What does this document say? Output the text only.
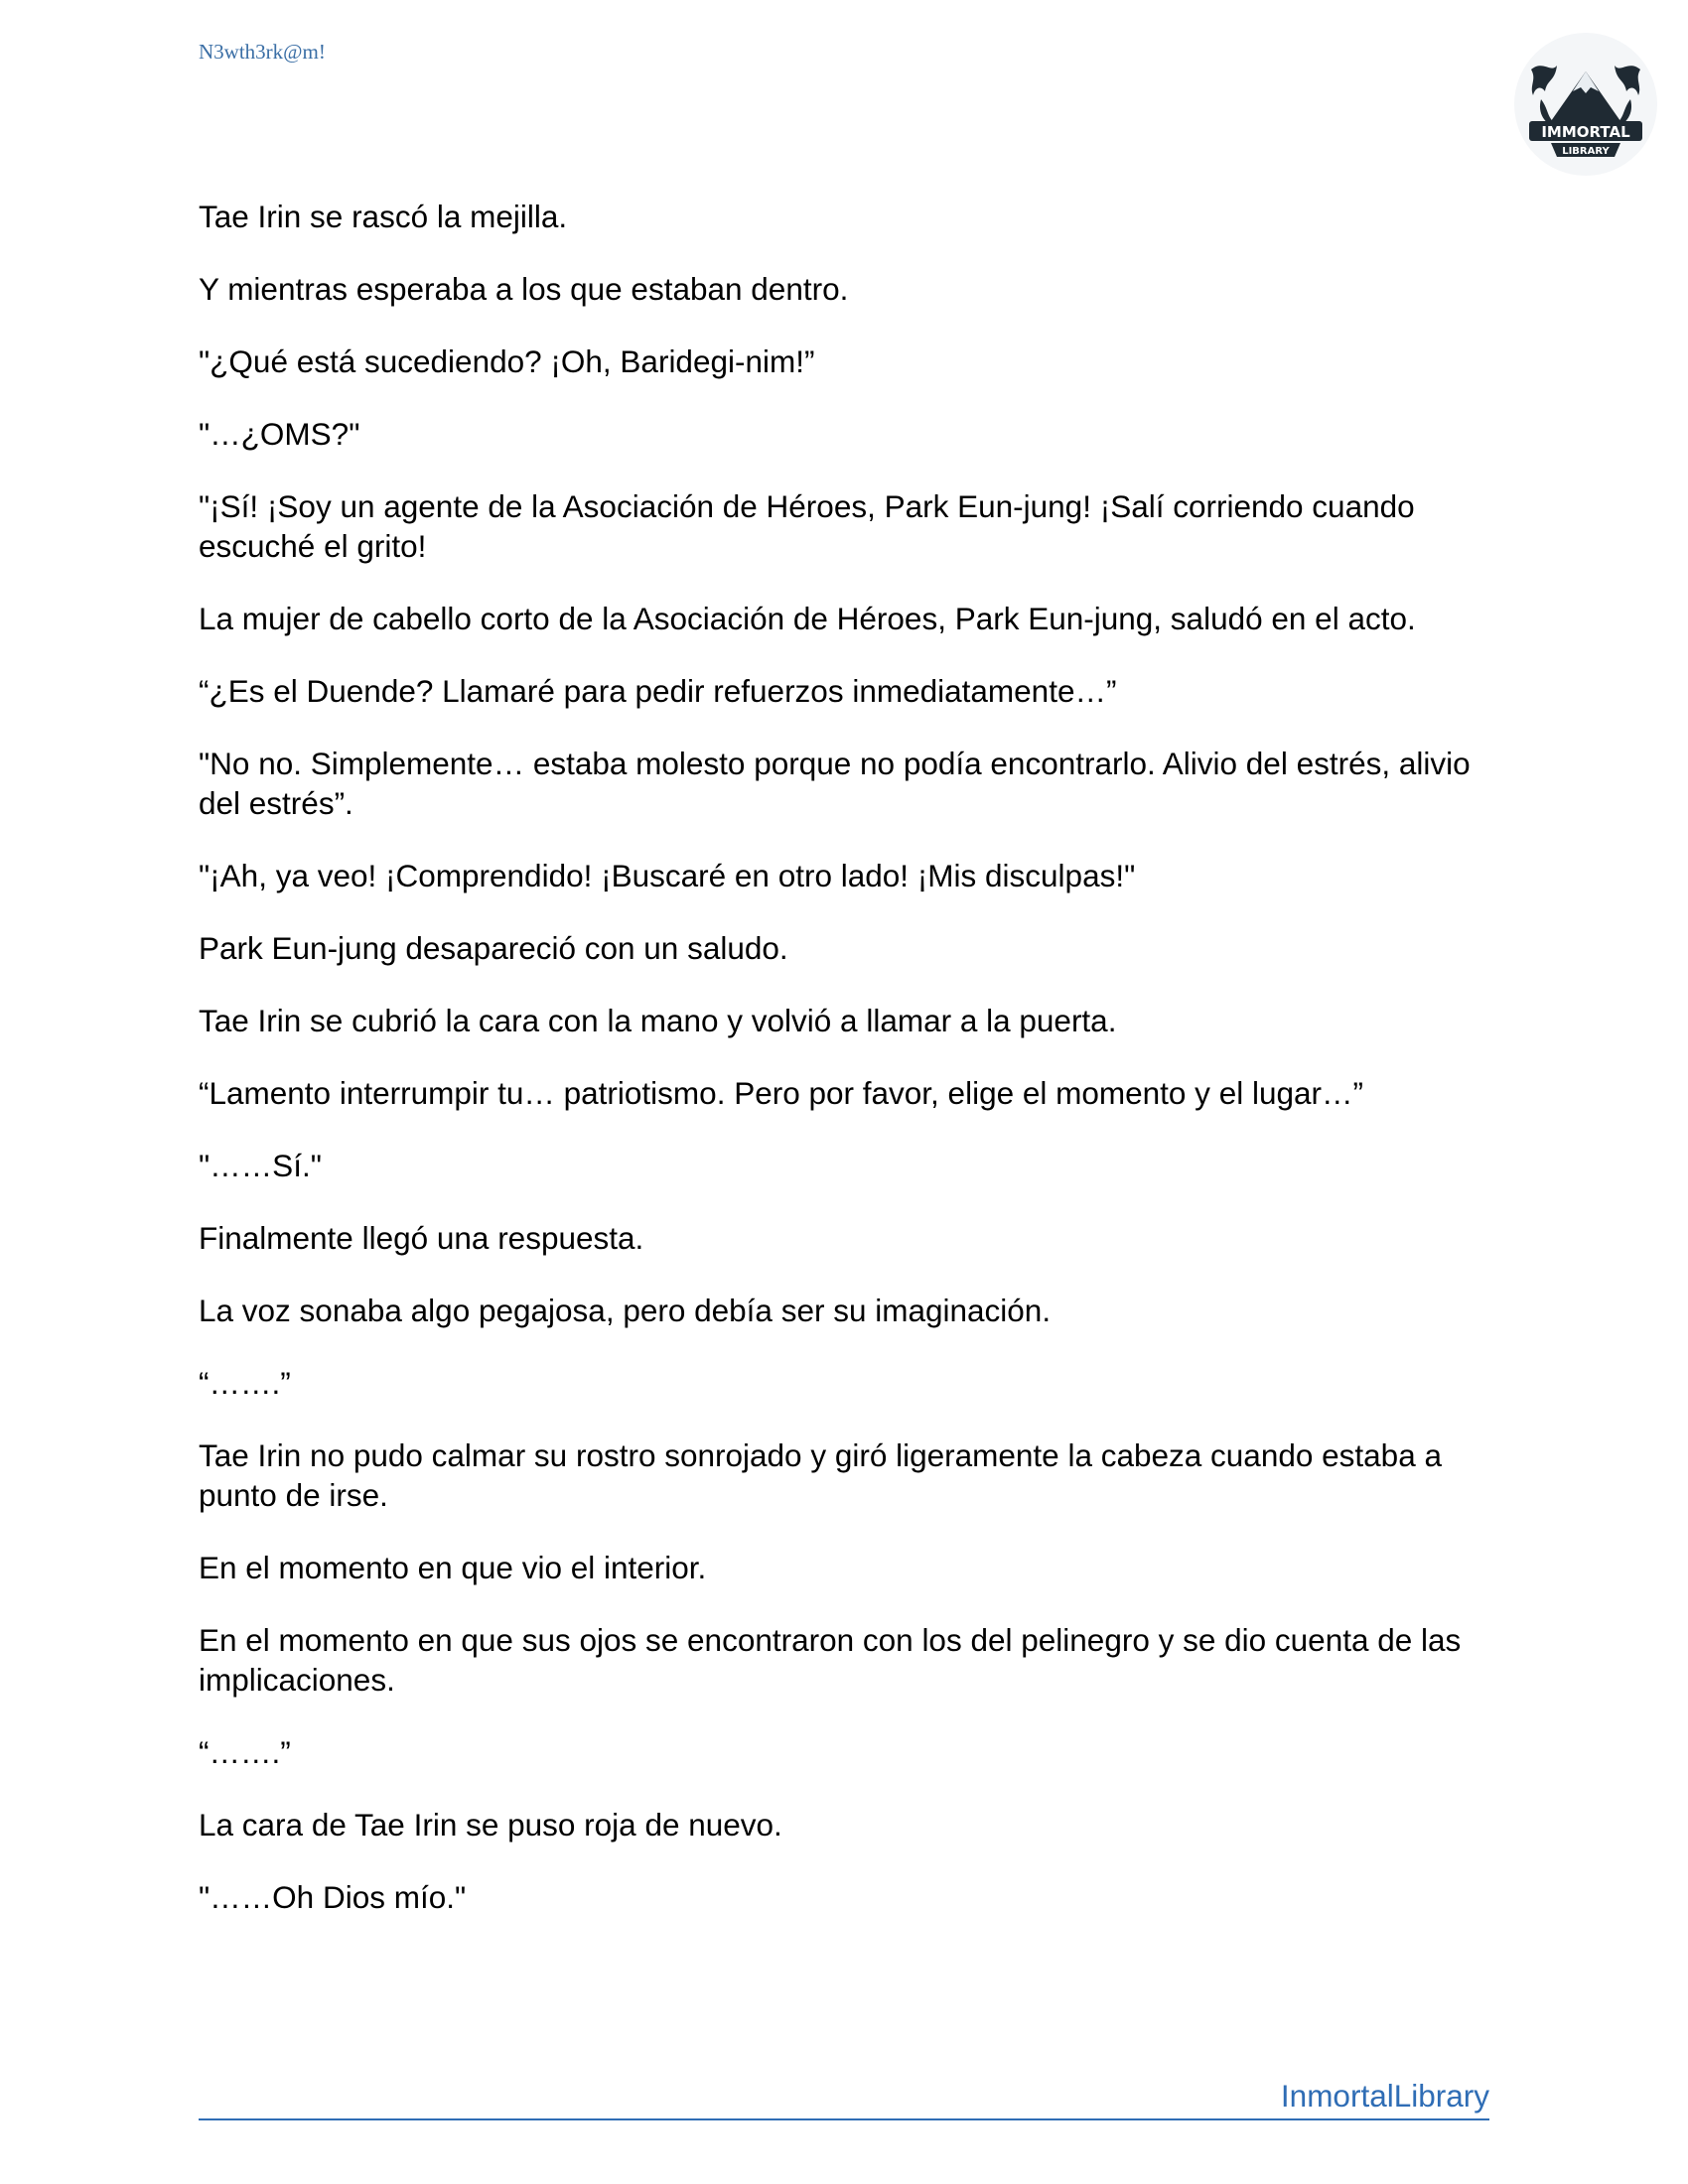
N3wth3rk@m!
IMMORTAL
LIBRARY

Tae Irin se rascó la mejilla.

Y mientras esperaba a los que estaban dentro.

"¿Qué está sucediendo? ¡Oh, Baridegi-nim!”

"…¿OMS?"

"¡Sí! ¡Soy un agente de la Asociación de Héroes, Park Eun-jung! ¡Salí corriendo cuando escuché el grito!

La mujer de cabello corto de la Asociación de Héroes, Park Eun-jung, saludó en el acto.

“¿Es el Duende? Llamaré para pedir refuerzos inmediatamente…”

"No no. Simplemente… estaba molesto porque no podía encontrarlo. Alivio del estrés, alivio del estrés”.

"¡Ah, ya veo! ¡Comprendido! ¡Buscaré en otro lado! ¡Mis disculpas!"

Park Eun-jung desapareció con un saludo.

Tae Irin se cubrió la cara con la mano y volvió a llamar a la puerta.

“Lamento interrumpir tu… patriotismo. Pero por favor, elige el momento y el lugar…”

"……Sí."

Finalmente llegó una respuesta.

La voz sonaba algo pegajosa, pero debía ser su imaginación.

“…….”

Tae Irin no pudo calmar su rostro sonrojado y giró ligeramente la cabeza cuando estaba a punto de irse.

En el momento en que vio el interior.

En el momento en que sus ojos se encontraron con los del pelinegro y se dio cuenta de las implicaciones.

“…….”

La cara de Tae Irin se puso roja de nuevo.

"……Oh Dios mío."

InmortalLibrary
